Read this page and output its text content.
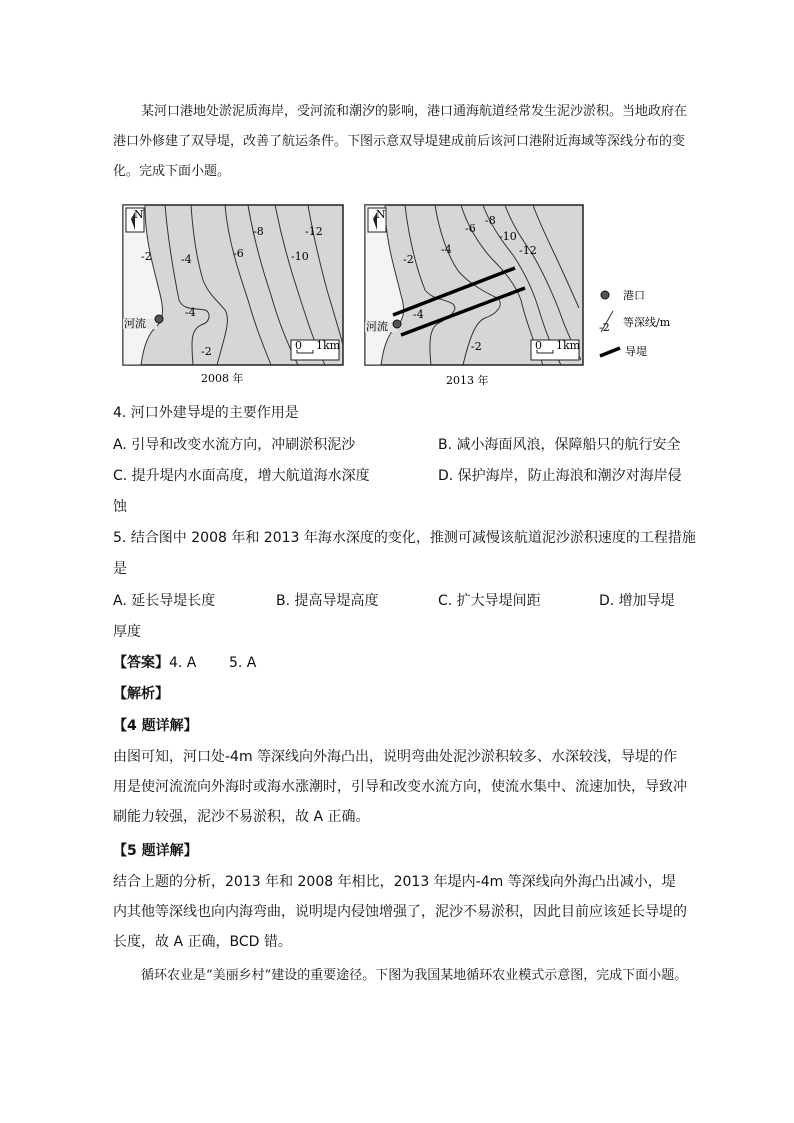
某河口港地处淤泥质海岸，受河流和潮汐的影响，港口通海航道经常发生泥沙淤积。当地政府在港口外修建了双导堤，改善了航运条件。下图示意双导堤建成前后该河口港附近海域等深线分布的变化。完成下面小题。

N
0 1km
河流
-2	-4	-6
-8
-10
-12
-4
-2
2008 年
N
0 1km
河流
-2
-4
-6
-8
-10
-12
-4
-2
2013 年
港口
-2 等深线/m
导堤
4. 河口外建导堤的主要作用是
A. 引导和改变水流方向，冲刷淤积泥沙	B. 减小海面风浪，保障船只的航行安全
C. 提升堤内水面高度，增大航道海水深度	D. 保护海岸，防止海浪和潮汐对海岸侵
蚀
5. 结合图中 2008 年和 2013 年海水深度的变化，推测可减慢该航道泥沙淤积速度的工程措施
是
A. 延长导堤长度	B. 提高导堤高度	C. 扩大导堤间距	D. 增加导堤
厚度
【答案】 4. A 5. A
【解析】
【4 题详解】

由图可知，河口处-4m 等深线向外海凸出，说明弯曲处泥沙淤积较多、水深较浅，导堤的作用是使河流流向外海时或海水涨潮时，引导和改变水流方向，使流水集中、流速加快，导致冲刷能力较强，泥沙不易淤积，故 A 正确。

【5 题详解】

结合上题的分析，2013 年和 2008 年相比，2013 年堤内-4m 等深线向外海凸出减小，堤内其他等深线也向内海弯曲，说明堤内侵蚀增强了，泥沙不易淤积，因此目前应该延长导堤的长度，故 A 正确，BCD 错。

循环农业是“美丽乡村”建设的重要途径。下图为我国某地循环农业模式示意图，完成下面小题。
